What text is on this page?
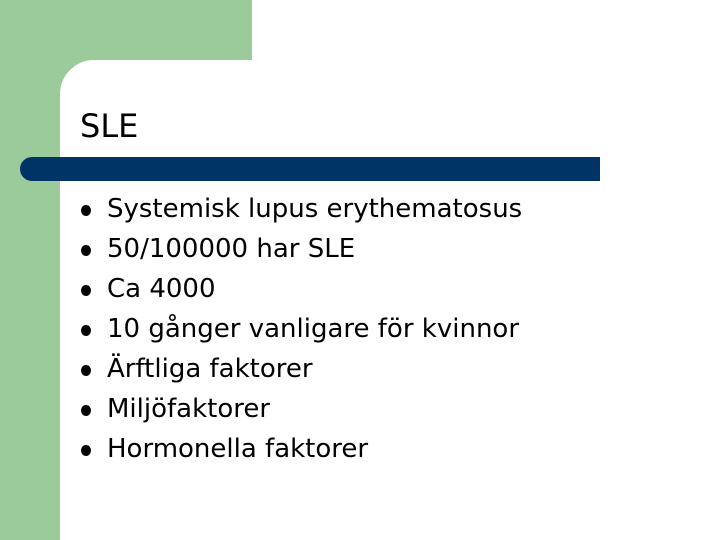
SLE
Systemisk lupus erythematosus
50/100000 har SLE
Ca 4000
10 gånger vanligare för kvinnor
Ärftliga faktorer
Miljöfaktorer
Hormonella faktorer
